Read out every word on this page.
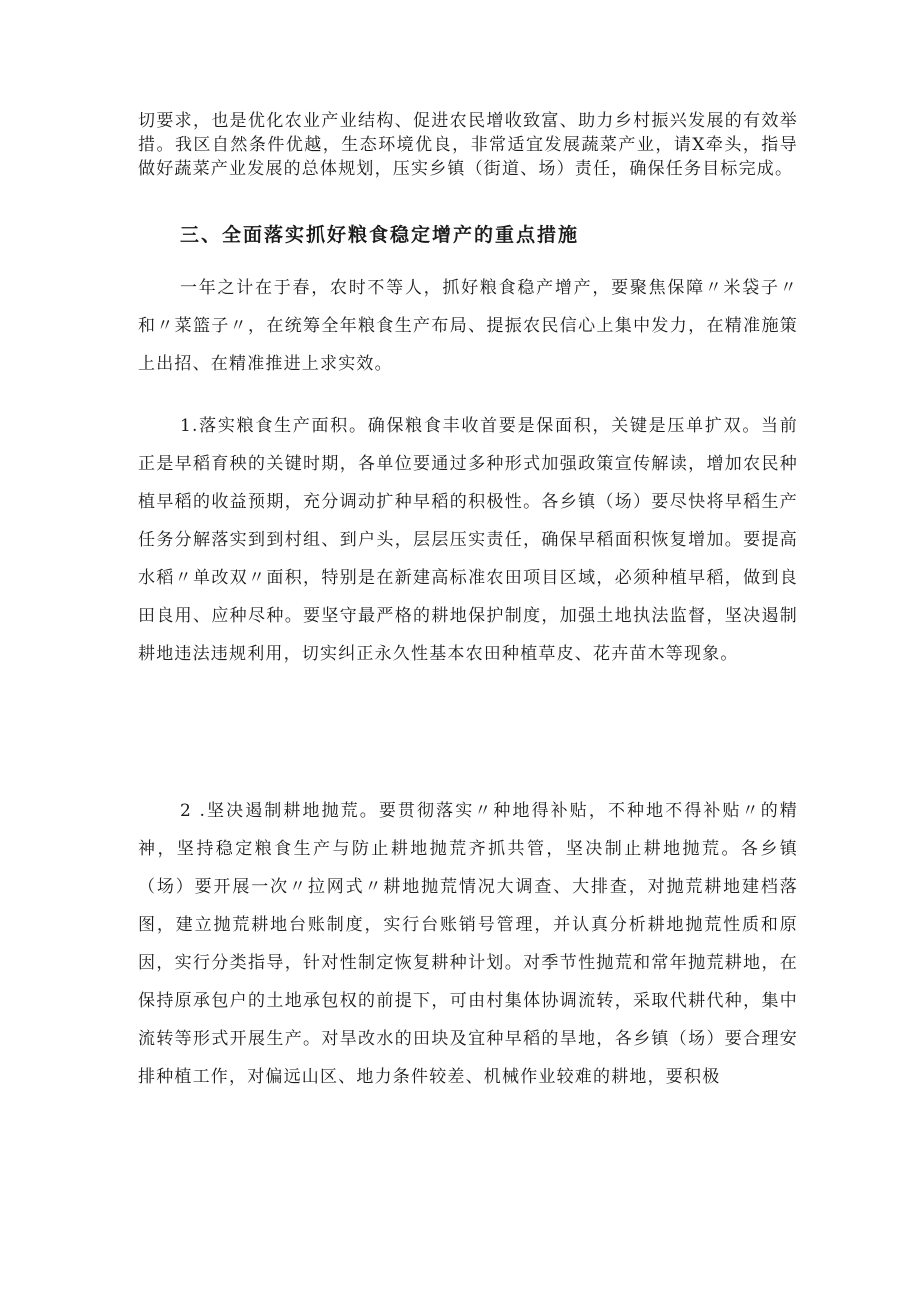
切要求，也是优化农业产业结构、促进农民增收致富、助力乡村振兴发展的有效举措。我区自然条件优越，生态环境优良，非常适宜发展蔬菜产业，请X牵头，指导做好蔬菜产业发展的总体规划，压实乡镇（街道、场）责任，确保任务目标完成。

三、全面落实抓好粮食稳定增产的重点措施

一年之计在于春，农时不等人，抓好粮食稳产增产，要聚焦保障〃米袋子〃和〃菜篮子〃，在统筹全年粮食生产布局、提振农民信心上集中发力，在精准施策上出招、在精准推进上求实效。

1.落实粮食生产面积。确保粮食丰收首要是保面积，关键是压单扩双。当前正是早稻育秧的关键时期，各单位要通过多种形式加强政策宣传解读，增加农民种植早稻的收益预期，充分调动扩种早稻的积极性。各乡镇（场）要尽快将早稻生产任务分解落实到到村组、到户头，层层压实责任，确保早稻面积恢复增加。要提高水稻〃单改双〃面积，特别是在新建高标准农田项目区域，必须种植早稻，做到良田良用、应种尽种。要坚守最严格的耕地保护制度，加强土地执法监督，坚决遏制耕地违法违规利用，切实纠正永久性基本农田种植草皮、花卉苗木等现象。

2 .坚决遏制耕地抛荒。要贯彻落实〃种地得补贴，不种地不得补贴〃的精神，坚持稳定粮食生产与防止耕地抛荒齐抓共管，坚决制止耕地抛荒。各乡镇（场）要开展一次〃拉网式〃耕地抛荒情况大调查、大排查，对抛荒耕地建档落图，建立抛荒耕地台账制度，实行台账销号管理，并认真分析耕地抛荒性质和原因，实行分类指导，针对性制定恢复耕种计划。对季节性抛荒和常年抛荒耕地，在保持原承包户的土地承包权的前提下，可由村集体协调流转，采取代耕代种，集中流转等形式开展生产。对旱改水的田块及宜种早稻的旱地，各乡镇（场）要合理安排种植工作，对偏远山区、地力条件较差、机械作业较难的耕地，要积极
